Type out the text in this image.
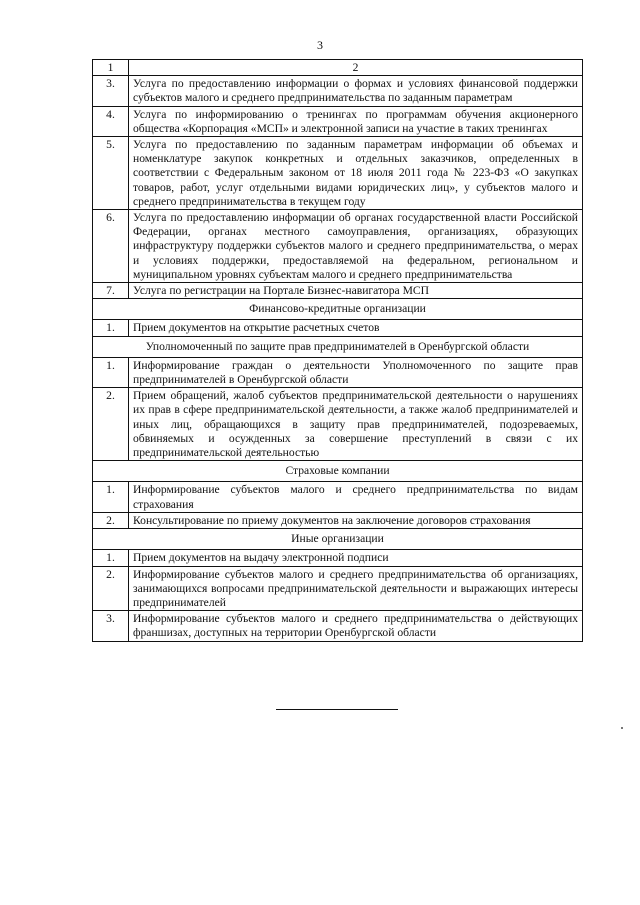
3
1	2
3.	Услуга по предоставлению информации о формах и условиях финансовой поддержки субъектов малого и среднего предпринимательства по заданным параметрам
4.	Услуга по информированию о тренингах по программам обучения акционерного общества «Корпорация «МСП» и электронной записи на участие в таких тренингах
5.	Услуга по предоставлению по заданным параметрам информации об объемах и номенклатуре закупок конкретных и отдельных заказчиков, определенных в соответствии с Федеральным законом от 18 июля 2011 года № 223-ФЗ «О закупках товаров, работ, услуг отдельными видами юридических лиц», у субъектов малого и среднего предпринимательства в текущем году
6.	Услуга по предоставлению информации об органах государственной власти Российской Федерации, органах местного самоуправления, организациях, образующих инфраструктуру поддержки субъектов малого и среднего предпринимательства, о мерах и условиях поддержки, предоставляемой на федеральном, региональном и муниципальном уровнях субъектам малого и среднего предпринимательства
7.	Услуга по регистрации на Портале Бизнес-навигатора МСП
Финансово-кредитные организации	
1.	Прием документов на открытие расчетных счетов
Уполномоченный по защите прав предпринимателей в Оренбургской области	
1.	Информирование граждан о деятельности Уполномоченного по защите прав предпринимателей в Оренбургской области
2.	Прием обращений, жалоб субъектов предпринимательской деятельности о нарушениях их прав в сфере предпринимательской деятельности, а также жалоб предпринимателей и иных лиц, обращающихся в защиту прав предпринимателей, подозреваемых, обвиняемых и осужденных за совершение преступлений в связи с их предпринимательской деятельностью
Страховые компании	
1.	Информирование субъектов малого и среднего предпринимательства по видам страхования
2.	Консультирование по приему документов на заключение договоров страхования
Иные организации	
1.	Прием документов на выдачу электронной подписи
2.	Информирование субъектов малого и среднего предпринимательства об организациях, занимающихся вопросами предпринимательской деятельности и выражающих интересы предпринимателей
3.	Информирование субъектов малого и среднего предпринимательства о действующих франшизах, доступных на территории Оренбургской области
